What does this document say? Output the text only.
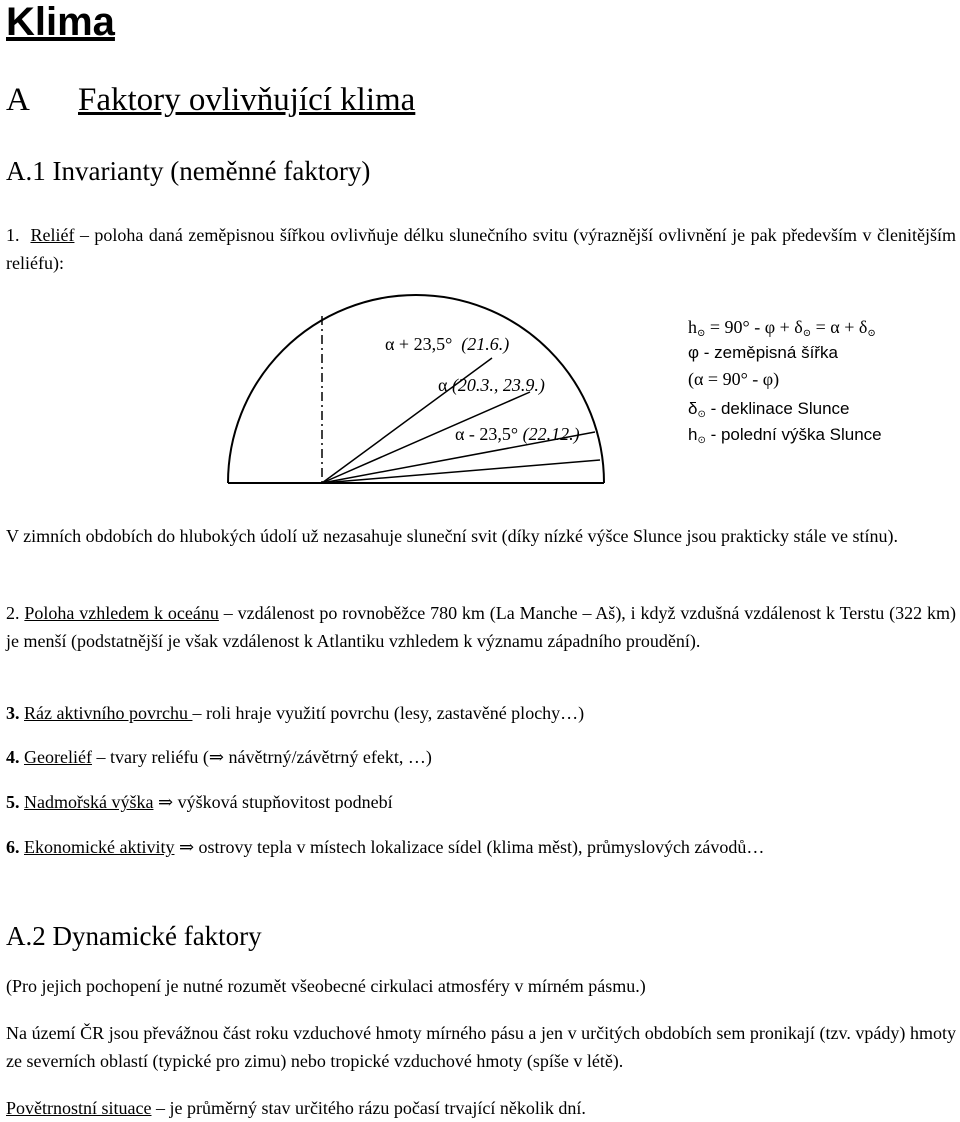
Klima
A Faktory ovlivňující klima
A.1 Invarianty (neměnné faktory)
1. Reliéf – poloha daná zeměpisnou šířkou ovlivňuje délku slunečního svitu (výraznější ovlivnění je pak především v členitějším reliéfu):
α + 23,5° (21.6.)
α (20.3., 23.9.)
α - 23,5° (22.12.)
$h_⊙ = 90^\circ - \varphi + \delta_⊙ = \alpha + \delta_⊙$
φ - zeměpisná šířka
(α = 90° - φ)
$\delta_⊙$ - deklinace Slunce
$h_⊙$ - polední výška Slunce
V zimních obdobích do hlubokých údolí už nezasahuje sluneční svit (díky nízké výšce Slunce jsou prakticky stále ve stínu).
2. Poloha vzhledem k oceánu – vzdálenost po rovnoběžce 780 km (La Manche – Aš), i když vzdušná vzdálenost k Terstu (322 km) je menší (podstatnější je však vzdálenost k Atlantiku vzhledem k významu západního proudění).
3. Ráz aktivního povrchu – roli hraje využití povrchu (lesy, zastavěné plochy…)
4. Georeliéf – tvary reliéfu (⇒ návětrný/závětrný efekt, …)
5. Nadmořská výška ⇒ výšková stupňovitost podnebí
6. Ekonomické aktivity ⇒ ostrovy tepla v místech lokalizace sídel (klima měst), průmyslových závodů…
A.2 Dynamické faktory
(Pro jejich pochopení je nutné rozumět všeobecné cirkulaci atmosféry v mírném pásmu.)
Na území ČR jsou převážnou část roku vzduchové hmoty mírného pásu a jen v určitých obdobích sem pronikají (tzv. vpády) hmoty ze severních oblastí (typické pro zimu) nebo tropické vzduchové hmoty (spíše v létě).
Povětrnostní situace – je průměrný stav určitého rázu počasí trvající několik dní.
